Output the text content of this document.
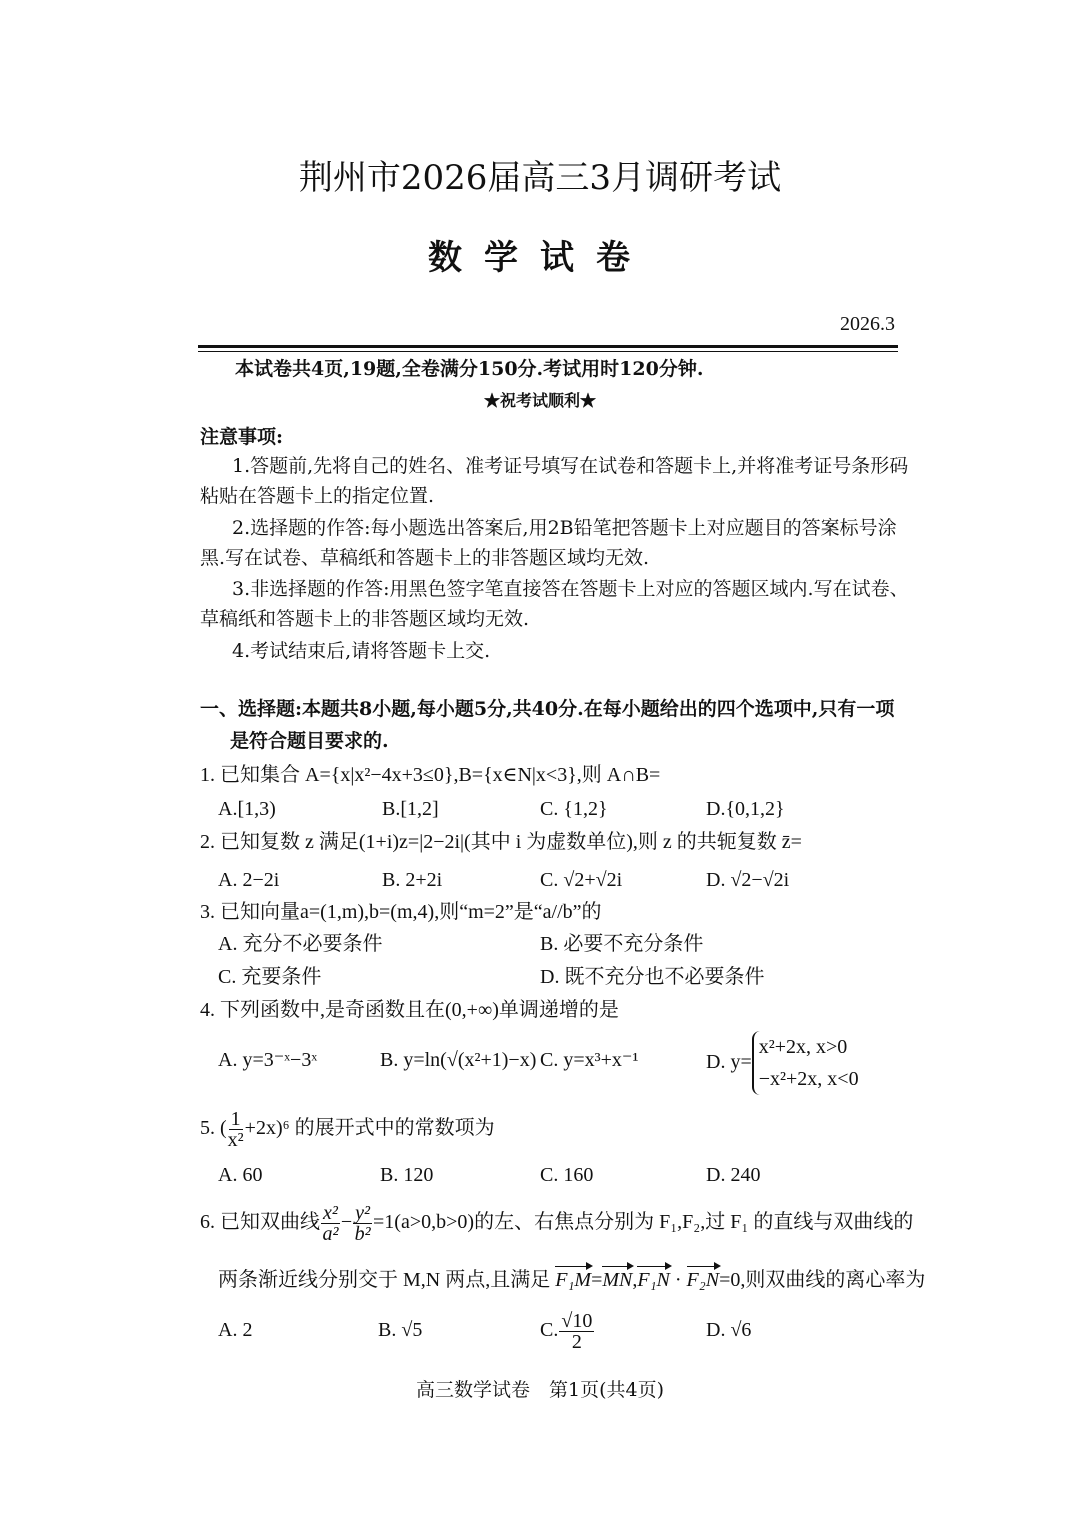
荆州市2026届高三3月调研考试
数学试卷
2026.3
本试卷共4页,19题,全卷满分150分.考试用时120分钟.
★祝考试顺利★
注意事项:
1.答题前,先将自己的姓名、准考证号填写在试卷和答题卡上,并将准考证号条形码
粘贴在答题卡上的指定位置.
2.选择题的作答:每小题选出答案后,用2B铅笔把答题卡上对应题目的答案标号涂
黑.写在试卷、草稿纸和答题卡上的非答题区域均无效.
3.非选择题的作答:用黑色签字笔直接答在答题卡上对应的答题区域内.写在试卷、
草稿纸和答题卡上的非答题区域均无效.
4.考试结束后,请将答题卡上交.
一、选择题:本题共8小题,每小题5分,共40分.在每小题给出的四个选项中,只有一项
是符合题目要求的.
1. 已知集合 A={x|x²−4x+3≤0},B={x∈N|x<3},则 A∩B=
A.[1,3)	B.[1,2]	C. {1,2}	D.{0,1,2}
2. 已知复数 z 满足(1+i)z=|2−2i|(其中 i 为虚数单位),则 z 的共轭复数 z̄=
A. 2−2i	B. 2+2i	C. √2+√2i	D. √2−√2i
3. 已知向量a=(1,m),b=(m,4),则“m=2”是“a//b”的
A. 充分不必要条件	B. 必要不充分条件
C. 充要条件	D. 既不充分也不必要条件
4. 下列函数中,是奇函数且在(0,+∞)单调递增的是
A. y=3⁻ˣ−3ˣ	B. y=ln(√(x²+1)−x) C. y=x³+x⁻¹	D. y=
x²+2x, x>0
−x²+2x, x<0
5. ( $\frac{1}{\text{x²}} +2x)^6$ 的展开式中的常数项为
A. 60	B. 120	C. 160	D. 240
6. 已知双曲线 $\frac{\text{x²}}{\text{a²}} - \frac{\text{y²}}{\text{b²}} =1(a>0,b>0)$的左、右焦点分别为 F₁,F₂,过 F₁ 的直线与双曲线的
两条渐近线分别交于 M,N 两点,且满足 F₁M=MN,F₁N · F₂N=0,则双曲线的离心率为
A. 2	B. √5	C. $\frac{√10}{2}$	D. √6
高三数学试卷　第1页(共4页)
